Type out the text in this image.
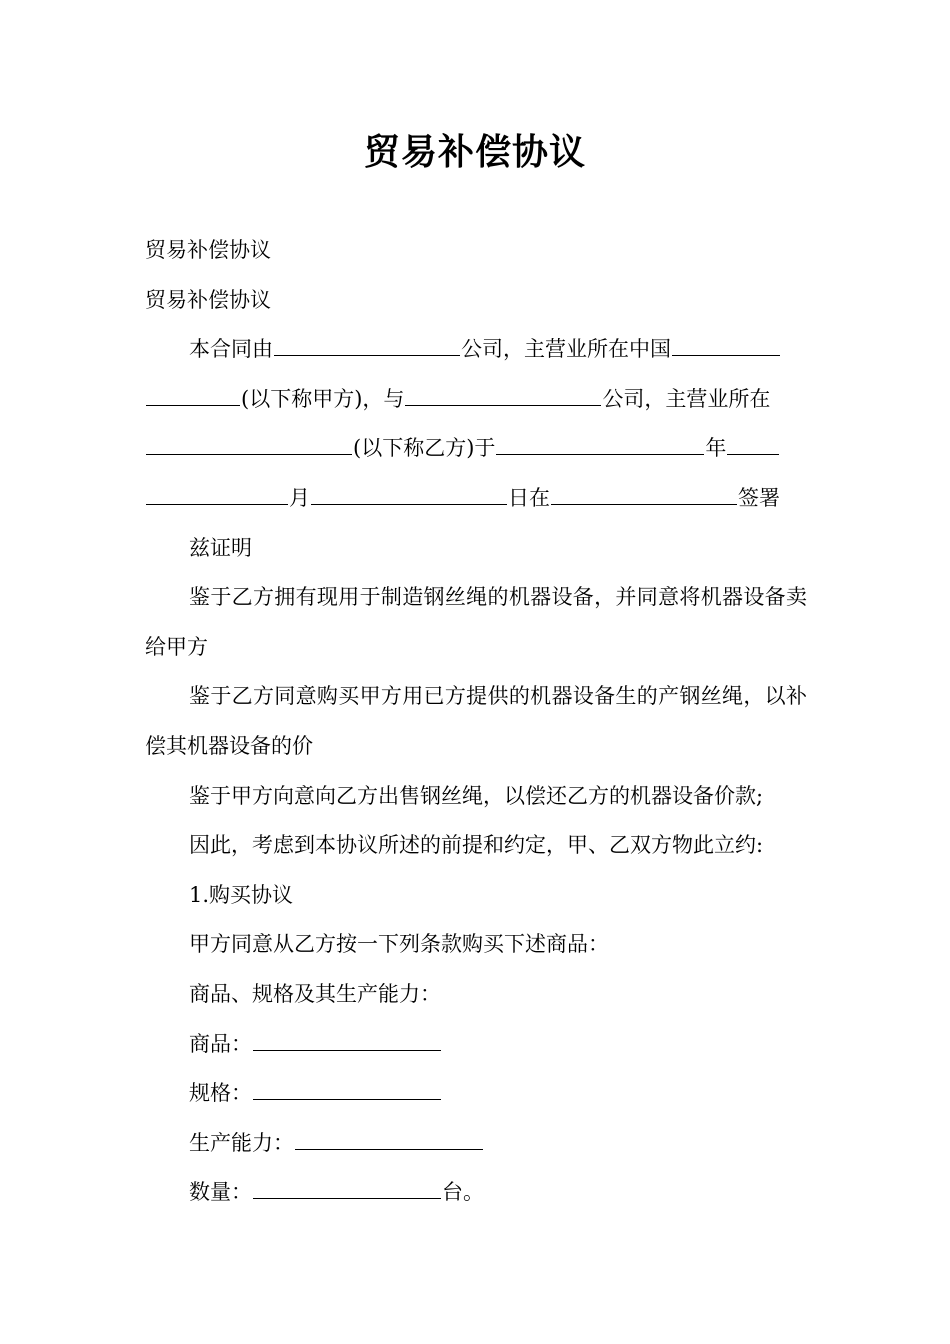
贸易补偿协议

贸易补偿协议

贸易补偿协议

本合同由	公司，主营业所在中国
(以下称甲方)，与	公司，主营业所在
(以下称乙方)于	年
月	日在	签署

兹证明

鉴于乙方拥有现用于制造钢丝绳的机器设备，并同意将机器设备卖给甲方

鉴于乙方同意购买甲方用已方提供的机器设备生的产钢丝绳，以补偿其机器设备的价

鉴于甲方向意向乙方出售钢丝绳，以偿还乙方的机器设备价款;

因此，考虑到本协议所述的前提和约定，甲、乙双方物此立约:

1.购买协议

甲方同意从乙方按一下列条款购买下述商品：

商品、规格及其生产能力：

商品：

规格：

生产能力：

数量：	台。
